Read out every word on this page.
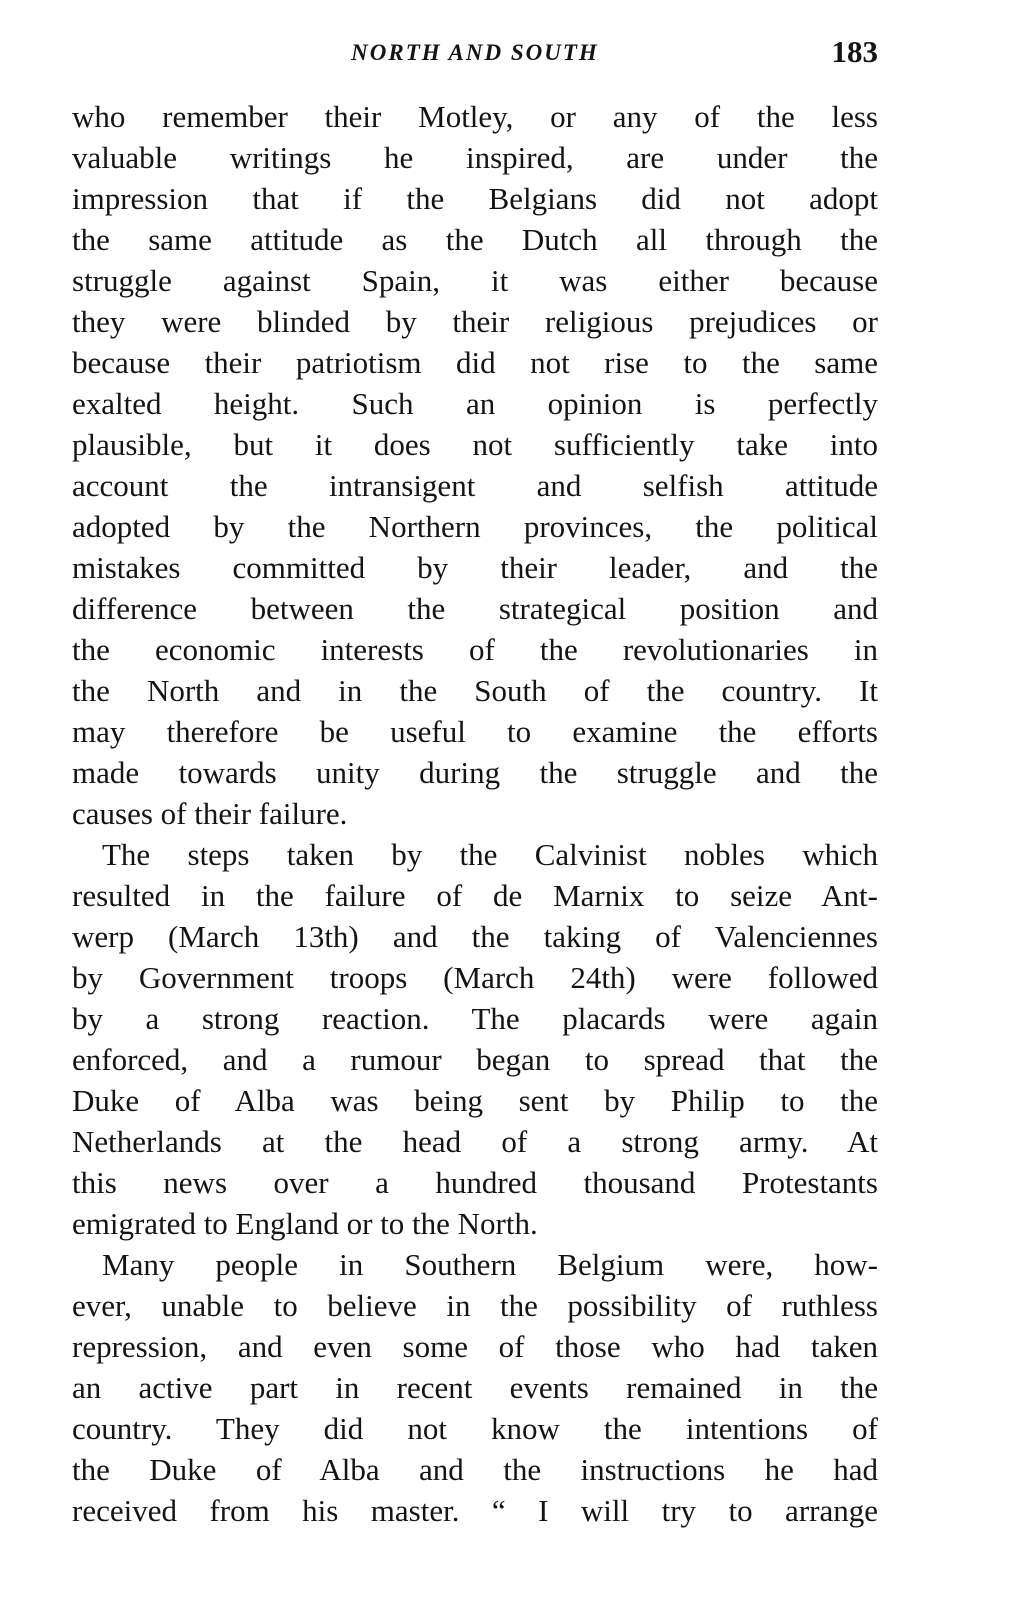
NORTH AND SOUTH	183
who remember their Motley, or any of the less
valuable writings he inspired, are under the
impression that if the Belgians did not adopt
the same attitude as the Dutch all through the
struggle against Spain, it was either because
they were blinded by their religious prejudices or
because their patriotism did not rise to the same
exalted height. Such an opinion is perfectly
plausible, but it does not sufficiently take into
account the intransigent and selfish attitude
adopted by the Northern provinces, the political
mistakes committed by their leader, and the
difference between the strategical position and
the economic interests of the revolutionaries in
the North and in the South of the country. It
may therefore be useful to examine the efforts
made towards unity during the struggle and the
causes of their failure.
The steps taken by the Calvinist nobles which
resulted in the failure of de Marnix to seize Ant-
werp (March 13th) and the taking of Valenciennes
by Government troops (March 24th) were followed
by a strong reaction. The placards were again
enforced, and a rumour began to spread that the
Duke of Alba was being sent by Philip to the
Netherlands at the head of a strong army. At
this news over a hundred thousand Protestants
emigrated to England or to the North.
Many people in Southern Belgium were, how-
ever, unable to believe in the possibility of ruthless
repression, and even some of those who had taken
an active part in recent events remained in the
country. They did not know the intentions of
the Duke of Alba and the instructions he had
received from his master. “ I will try to arrange
